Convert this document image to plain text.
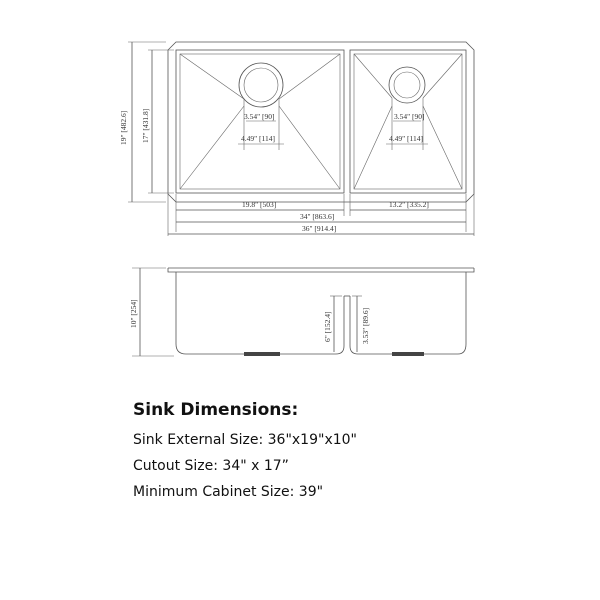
3.54" [90]
4.49" [114]
3.54" [90]
4.49" [114]
19" [482.6] 17" [431.8]
19.8" [503]	13.2" [335.2]
34" [863.6]
36" [914.4]
10" [254]	6" [152.4]	3.53" [89.6]
Sink Dimensions:
Sink External Size: 36"x19"x10"
Cutout Size: 34" x 17”
Minimum Cabinet Size: 39"
